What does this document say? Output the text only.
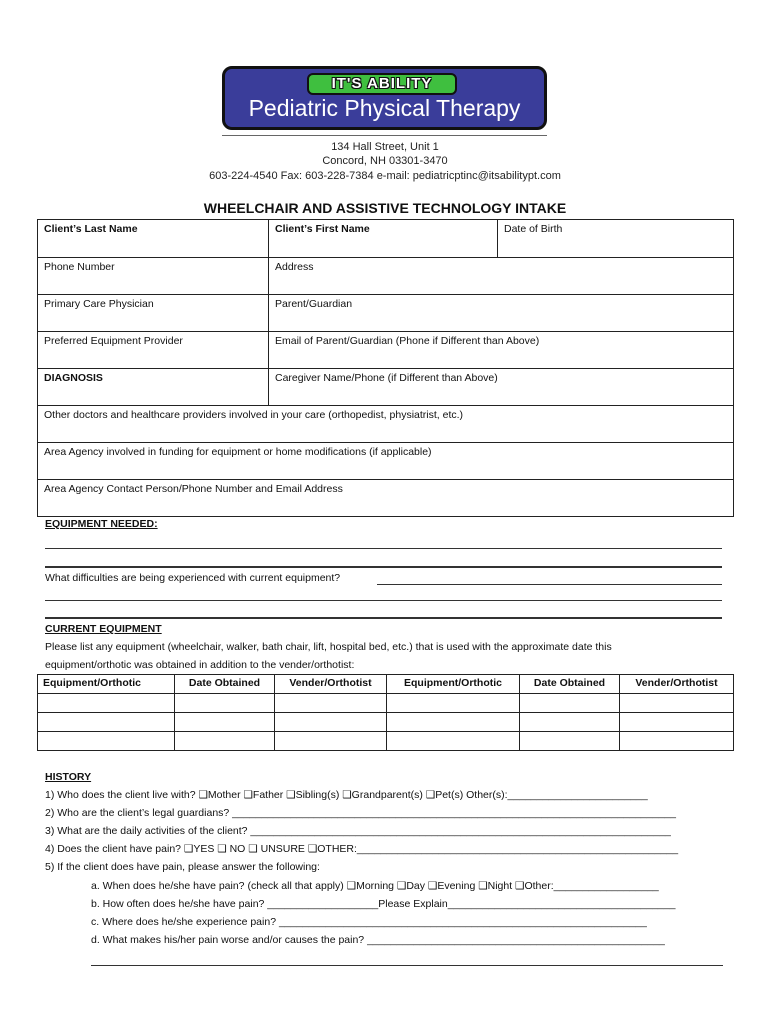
IT'S ABILITY
Pediatric Physical Therapy
134 Hall Street, Unit 1
Concord, NH 03301-3470
603-224-4540 Fax: 603-228-7384 e-mail: pediatricptinc@itsabilitypt.com
WHEELCHAIR AND ASSISTIVE TECHNOLOGY INTAKE
Client’s Last Name	Client’s First Name	Date of Birth
Phone Number	Address	
Primary Care Physician	Parent/Guardian	
Preferred Equipment Provider	Email of Parent/Guardian (Phone if Different than Above)	
DIAGNOSIS	Caregiver Name/Phone (if Different than Above)	
Other doctors and healthcare providers involved in your care (orthopedist, physiatrist, etc.)		
Area Agency involved in funding for equipment or home modifications (if applicable)		
Area Agency Contact Person/Phone Number and Email Address		
EQUIPMENT NEEDED:
What difficulties are being experienced with current equipment?
CURRENT EQUIPMENT
Please list any equipment (wheelchair, walker, bath chair, lift, hospital bed, etc.) that is used with the approximate date this
equipment/orthotic was obtained in addition to the vender/orthotist:
Equipment/Orthotic	Date Obtained	Vender/Orthotist	Equipment/Orthotic	Date Obtained	Vender/Orthotist

HISTORY
1) Who does the client live with? ❑Mother ❑Father ❑Sibling(s) ❑Grandparent(s) ❑Pet(s) Other(s):________________________
2) Who are the client’s legal guardians? ____________________________________________________________________________
3) What are the daily activities of the client? ________________________________________________________________________
4) Does the client have pain? ❑YES ❑ NO ❑ UNSURE ❑OTHER:_______________________________________________________
5) If the client does have pain, please answer the following:
a. When does he/she have pain? (check all that apply) ❑Morning ❑Day ❑Evening ❑Night ❑Other:__________________
b. How often does he/she have pain? ___________________Please Explain_______________________________________
c. Where does he/she experience pain? _______________________________________________________________
d. What makes his/her pain worse and/or causes the pain? ___________________________________________________
